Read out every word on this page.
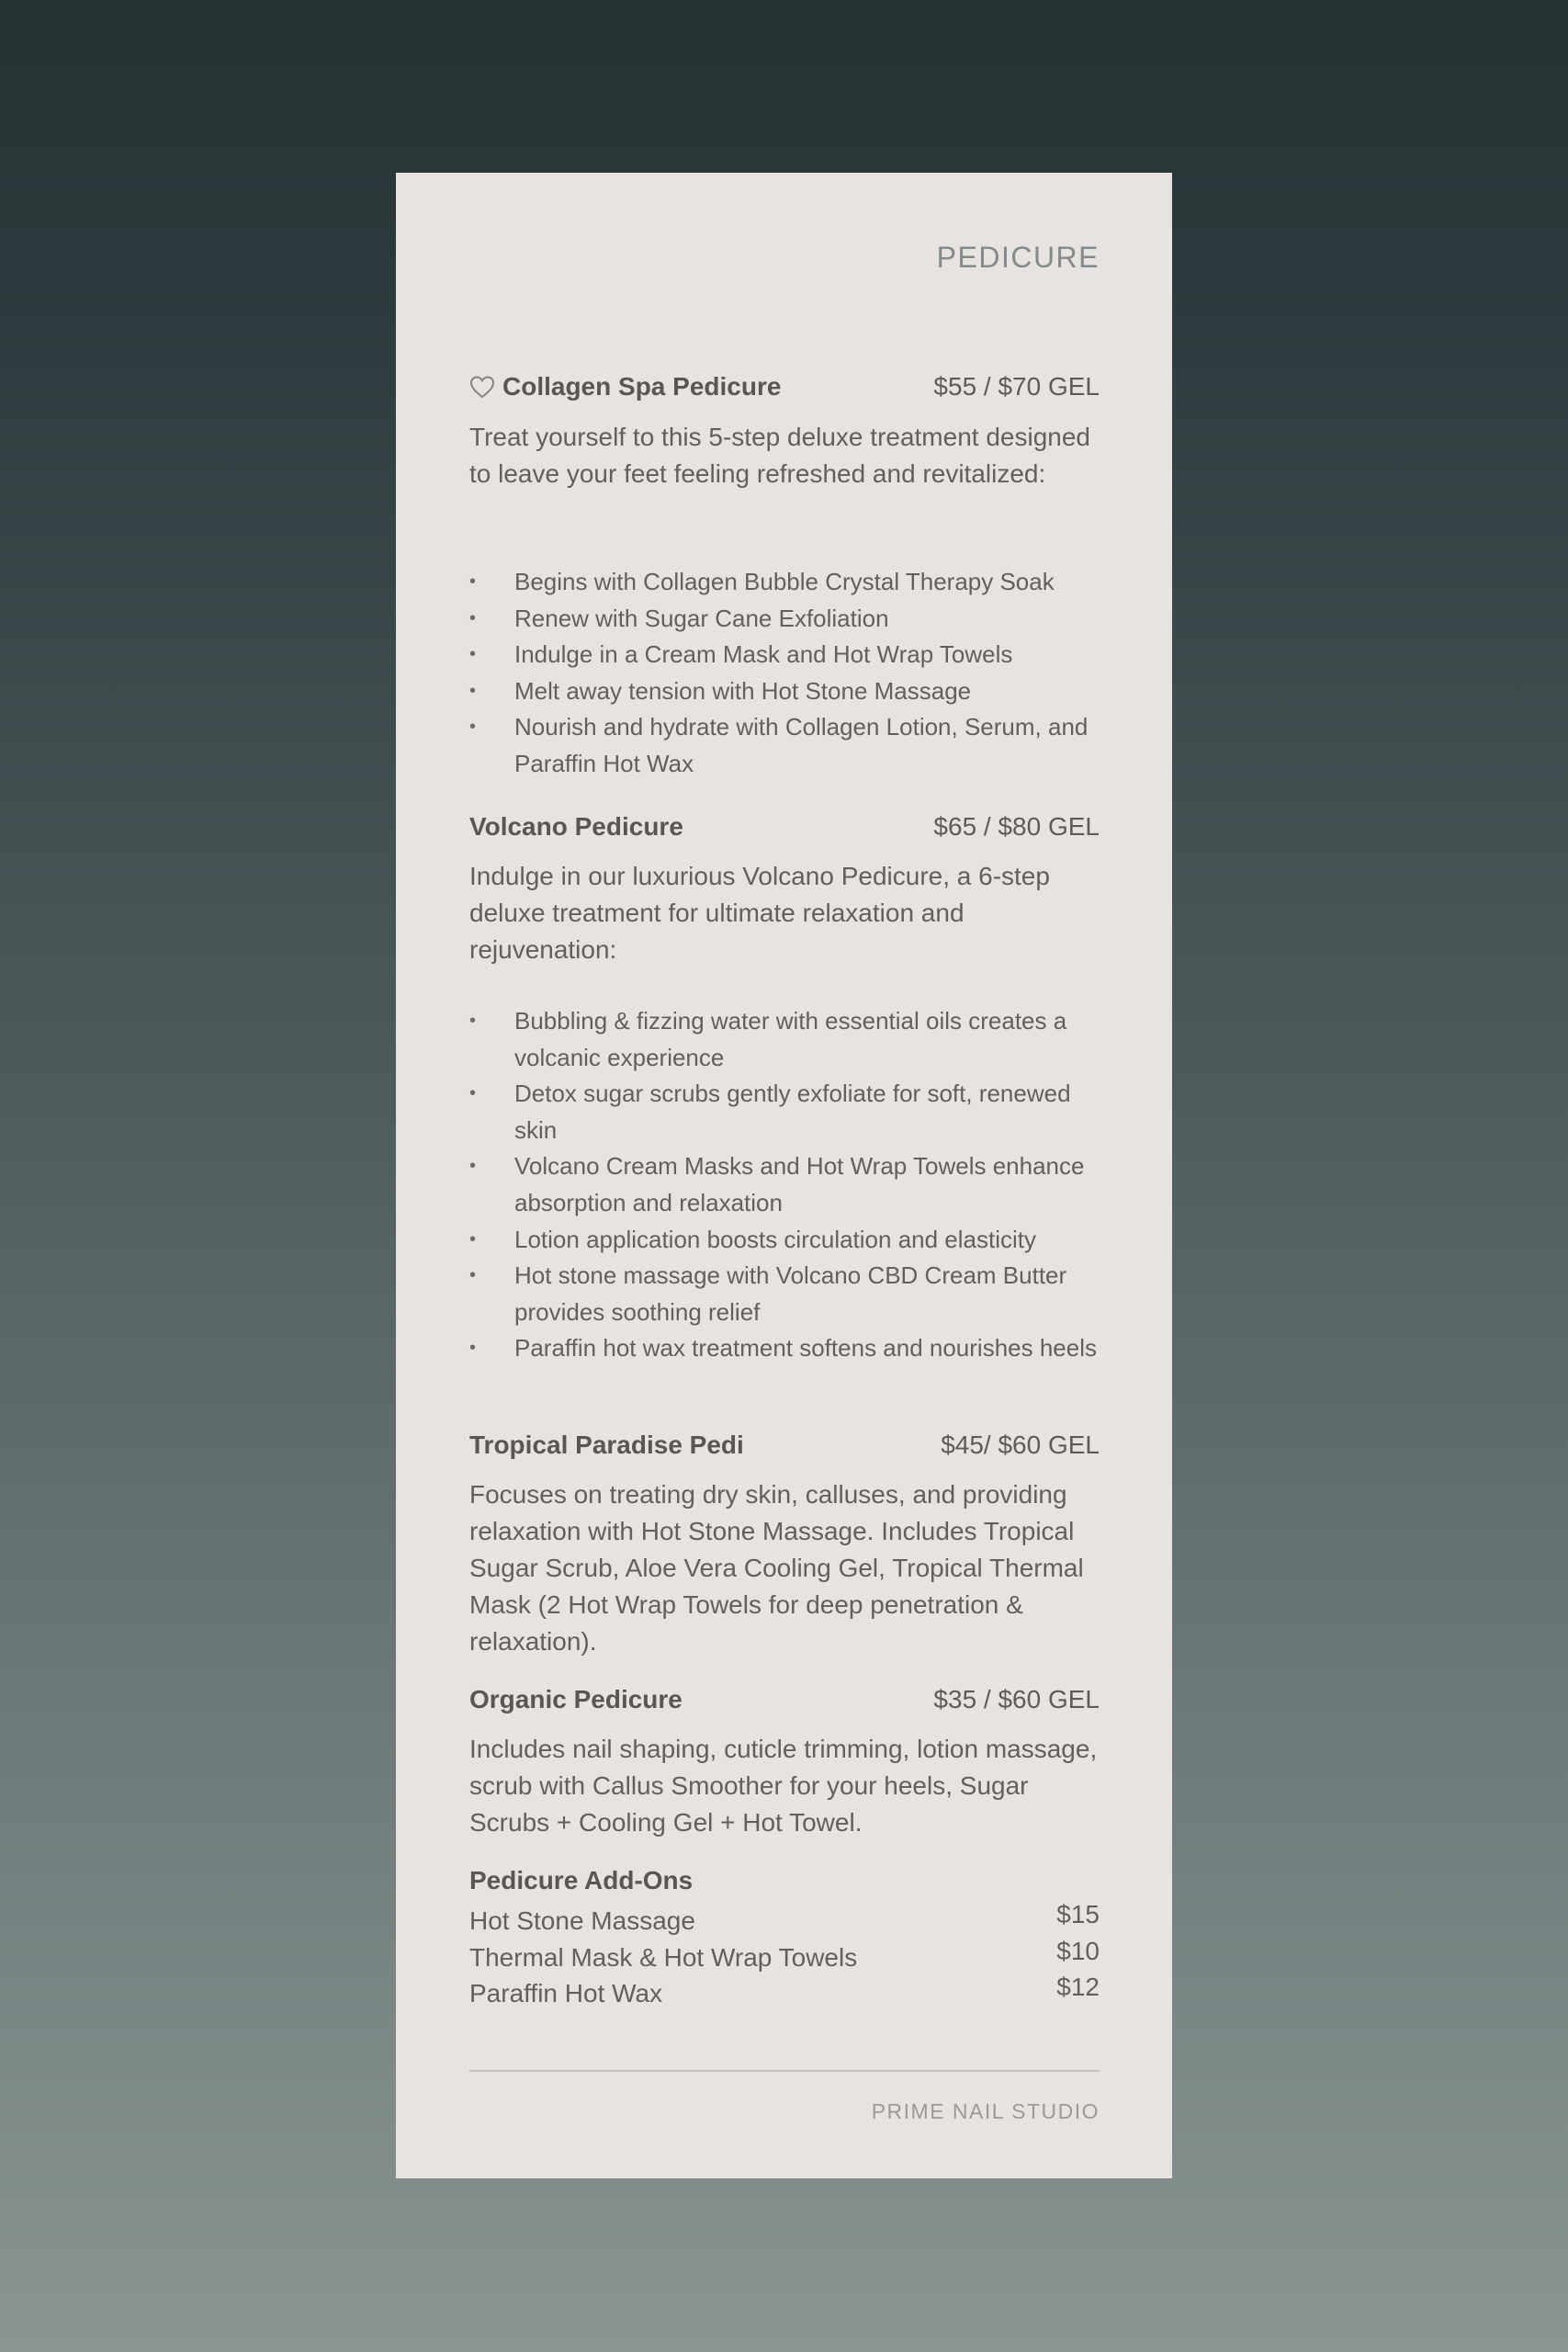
PEDICURE
Collagen Spa Pedicure	$55 / $70 GEL
Treat yourself to this 5-step deluxe treatment designed to leave your feet feeling refreshed and revitalized:
• Begins with Collagen Bubble Crystal Therapy Soak
• Renew with Sugar Cane Exfoliation
• Indulge in a Cream Mask and Hot Wrap Towels
• Melt away tension with Hot Stone Massage
• Nourish and hydrate with Collagen Lotion, Serum, and Paraffin Hot Wax
Volcano Pedicure	$65 / $80 GEL
Indulge in our luxurious Volcano Pedicure, a 6-step deluxe treatment for ultimate relaxation and rejuvenation:
• Bubbling & fizzing water with essential oils creates a volcanic experience
• Detox sugar scrubs gently exfoliate for soft, renewed skin
• Volcano Cream Masks and Hot Wrap Towels enhance absorption and relaxation
• Lotion application boosts circulation and elasticity
• Hot stone massage with Volcano CBD Cream Butter provides soothing relief
• Paraffin hot wax treatment softens and nourishes heels
Tropical Paradise Pedi	$45/ $60 GEL
Focuses on treating dry skin, calluses, and providing relaxation with Hot Stone Massage. Includes Tropical Sugar Scrub, Aloe Vera Cooling Gel, Tropical Thermal Mask (2 Hot Wrap Towels for deep penetration & relaxation).
Organic Pedicure	$35 / $60 GEL
Includes nail shaping, cuticle trimming, lotion massage, scrub with Callus Smoother for your heels, Sugar Scrubs + Cooling Gel + Hot Towel.
Pedicure Add-Ons
Hot Stone Massage	$15
Thermal Mask & Hot Wrap Towels	$10
Paraffin Hot Wax	$12
PRIME NAIL STUDIO
